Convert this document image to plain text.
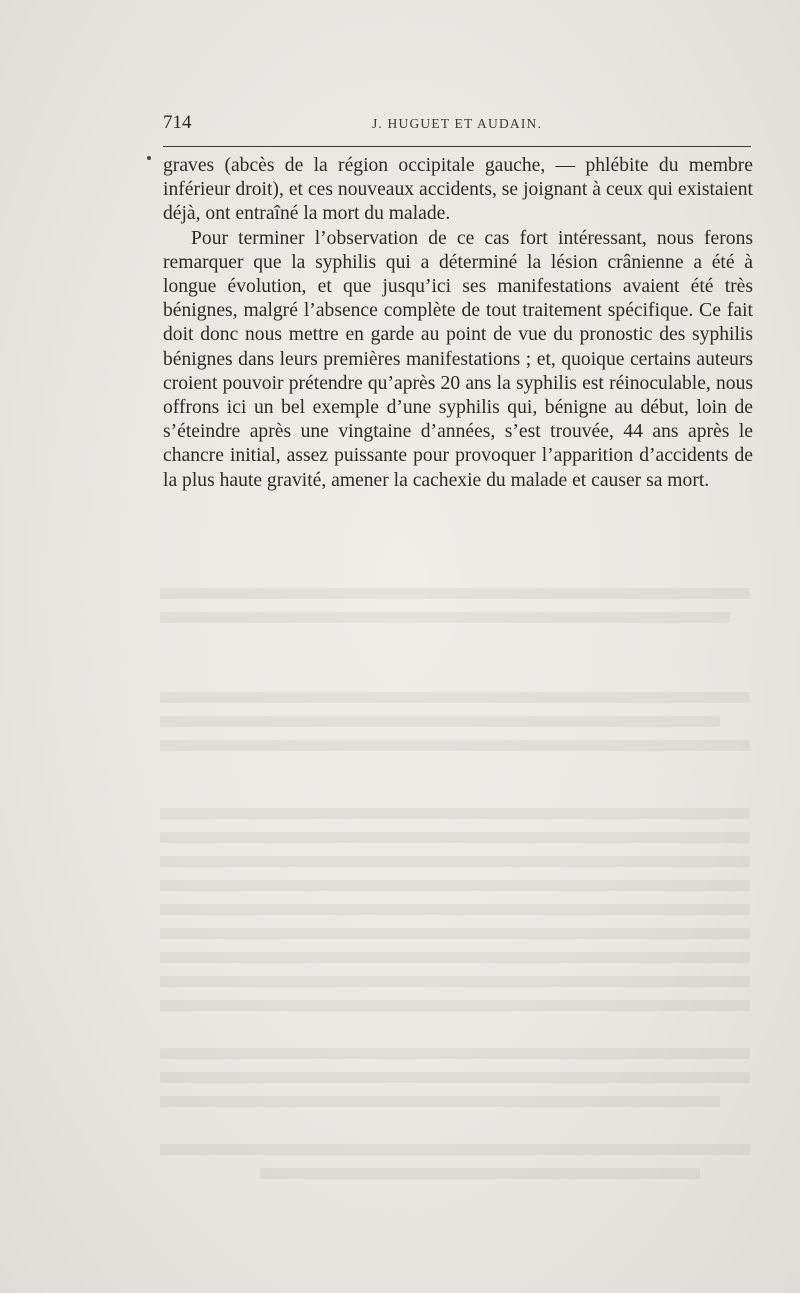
714	J. HUGUET ET AUDAIN.

graves (abcès de la région occipitale gauche, — phlébite du membre inférieur droit), et ces nouveaux accidents, se joignant à ceux qui existaient déjà, ont entraîné la mort du malade.

Pour terminer l’observation de ce cas fort intéressant, nous ferons remarquer que la syphilis qui a déterminé la lésion crânienne a été à longue évolution, et que jusqu’ici ses manifestations avaient été très bénignes, malgré l’absence complète de tout traitement spécifique. Ce fait doit donc nous mettre en garde au point de vue du pronostic des syphilis bénignes dans leurs premières manifestations ; et, quoique certains auteurs croient pouvoir prétendre qu’après 20 ans la syphilis est réinoculable, nous offrons ici un bel exemple d’une syphilis qui, bénigne au début, loin de s’éteindre après une vingtaine d’années, s’est trouvée, 44 ans après le chancre initial, assez puissante pour provoquer l’apparition d’accidents de la plus haute gravité, amener la cachexie du malade et causer sa mort.
